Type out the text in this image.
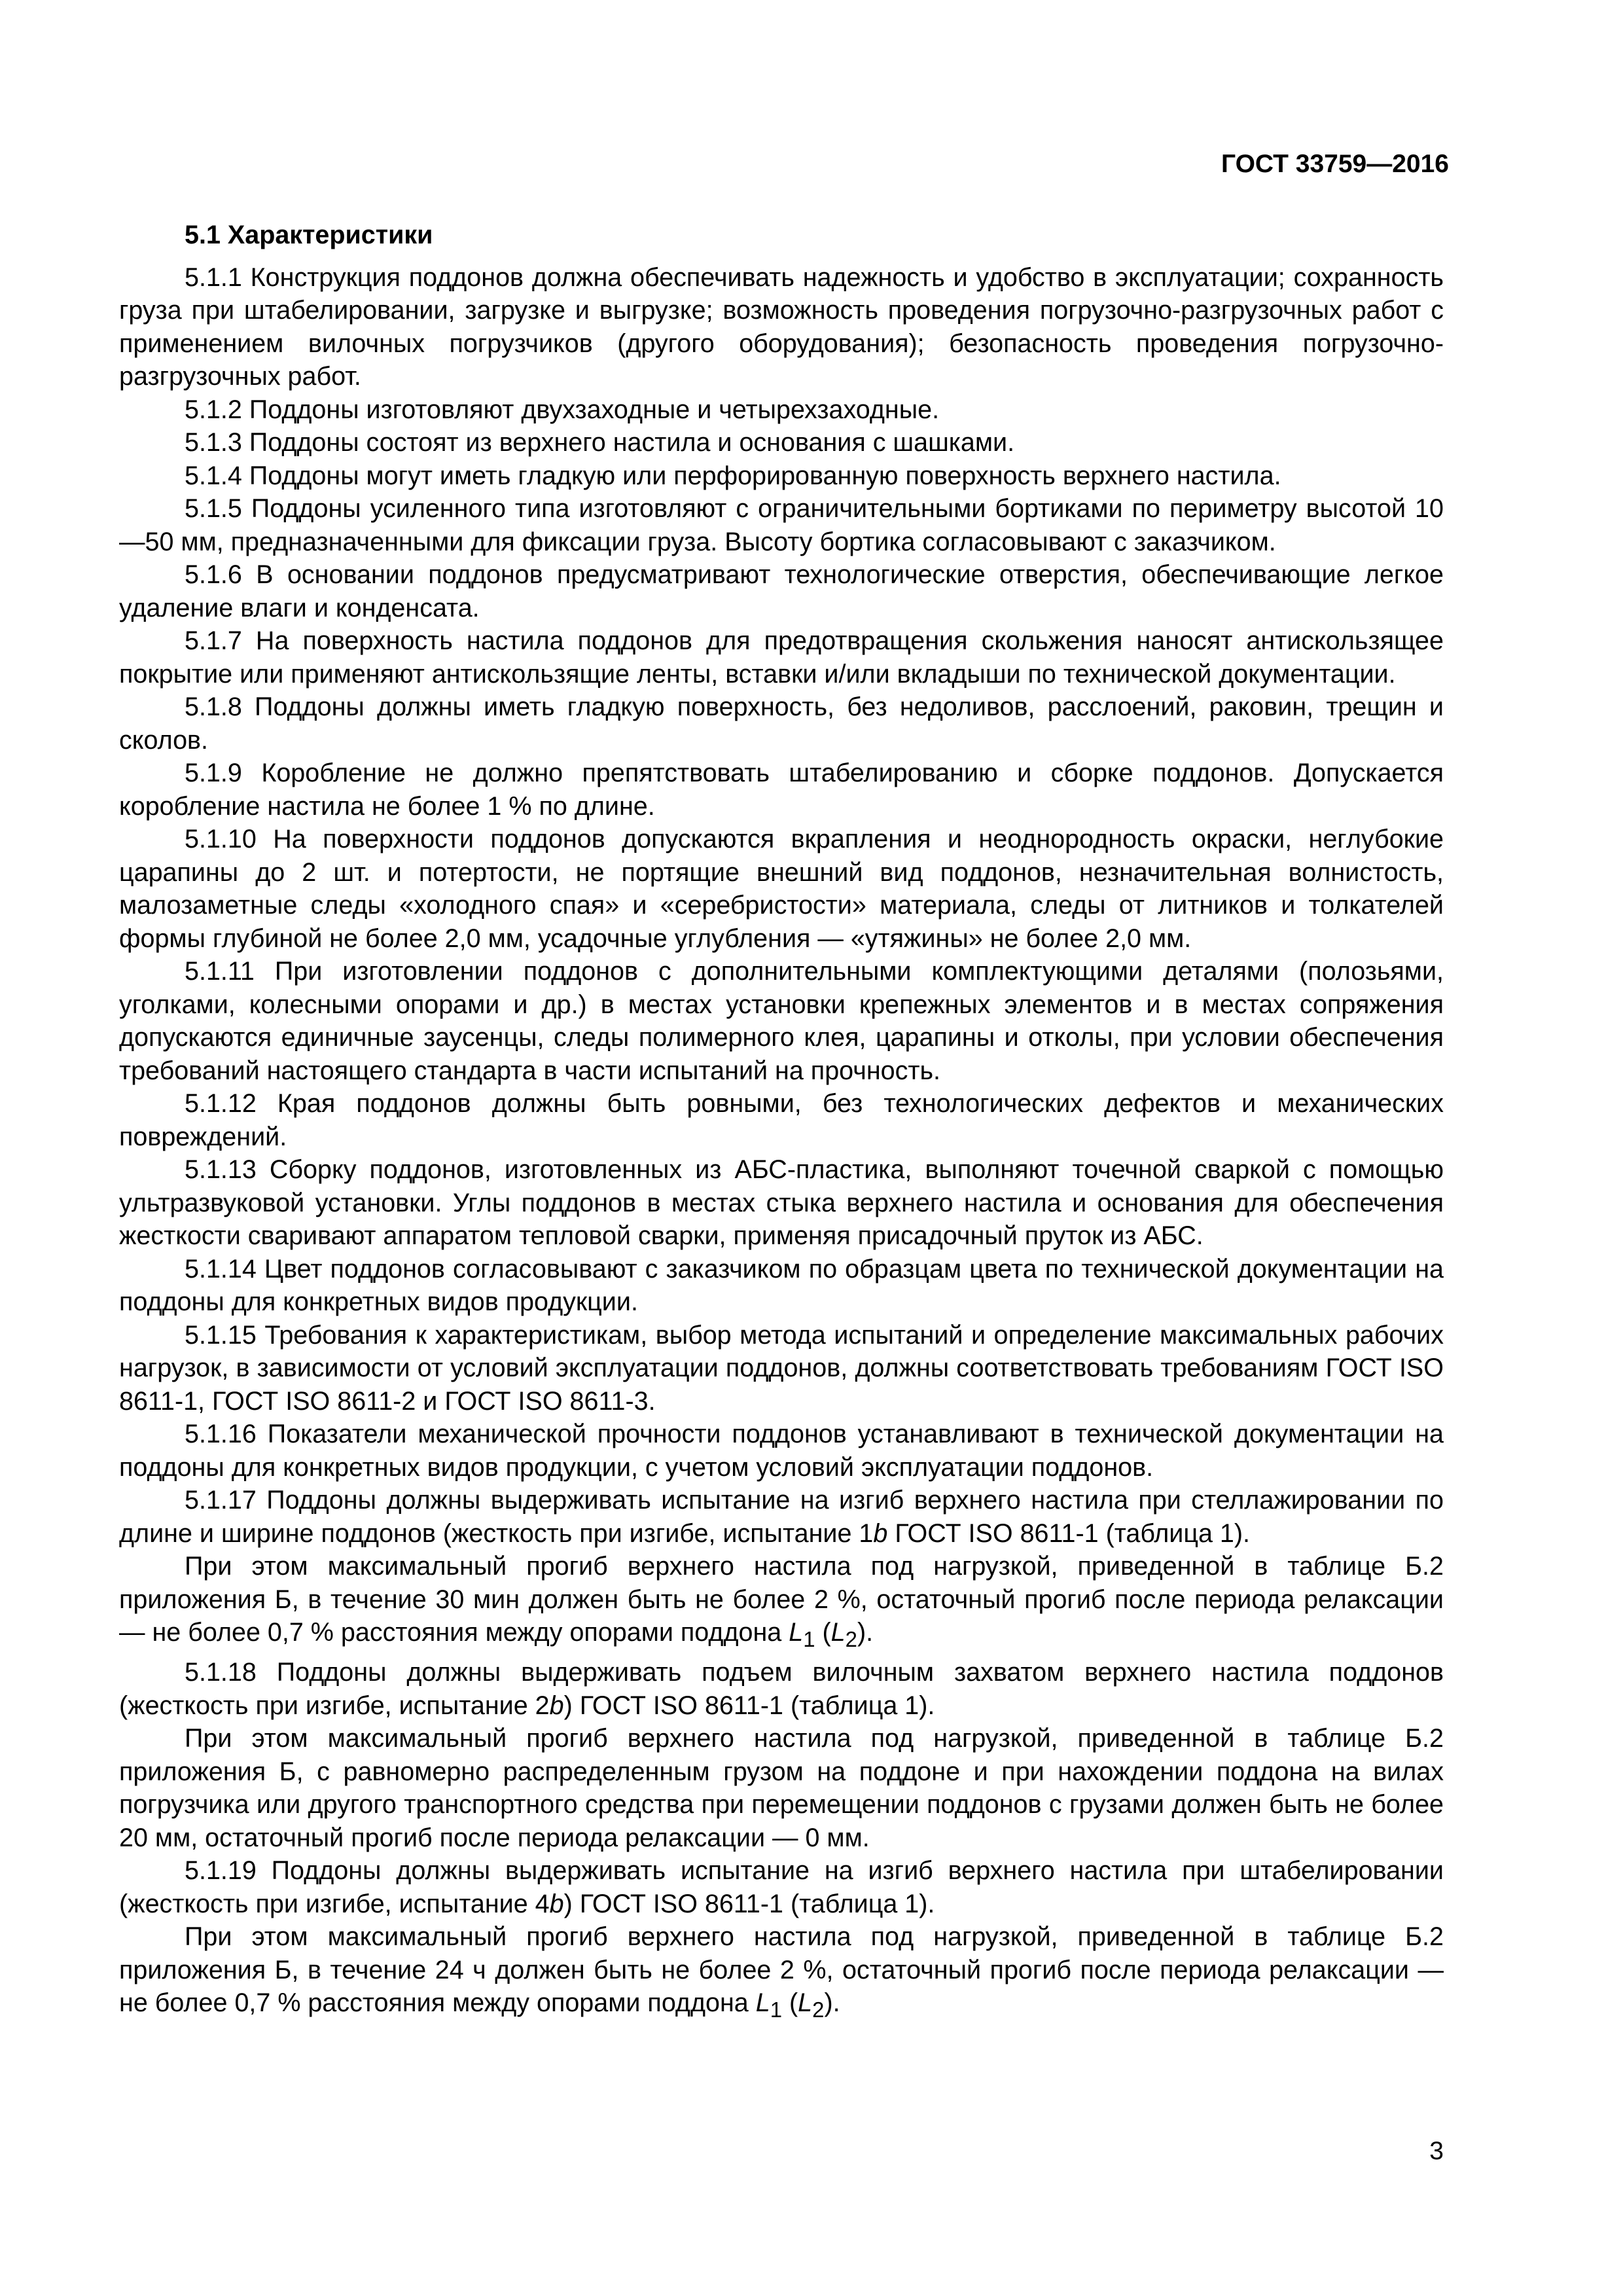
ГОСТ 33759—2016
5.1 Характеристики

5.1.1 Конструкция поддонов должна обеспечивать надежность и удобство в эксплуатации; сохранность груза при штабелировании, загрузке и выгрузке; возможность проведения погрузочно-разгрузочных работ с применением вилочных погрузчиков (другого оборудования); безопасность проведения погрузочно-разгрузочных работ.

5.1.2 Поддоны изготовляют двухзаходные и четырехзаходные.

5.1.3 Поддоны состоят из верхнего настила и основания с шашками.

5.1.4 Поддоны могут иметь гладкую или перфорированную поверхность верхнего настила.

5.1.5 Поддоны усиленного типа изготовляют с ограничительными бортиками по периметру высотой 10—50 мм, предназначенными для фиксации груза. Высоту бортика согласовывают с заказчиком.

5.1.6 В основании поддонов предусматривают технологические отверстия, обеспечивающие легкое удаление влаги и конденсата.

5.1.7 На поверхность настила поддонов для предотвращения скольжения наносят антискользящее покрытие или применяют антискользящие ленты, вставки и/или вкладыши по технической документации.

5.1.8 Поддоны должны иметь гладкую поверхность, без недоливов, расслоений, раковин, трещин и сколов.

5.1.9 Коробление не должно препятствовать штабелированию и сборке поддонов. Допускается коробление настила не более 1 % по длине.

5.1.10 На поверхности поддонов допускаются вкрапления и неоднородность окраски, неглубокие царапины до 2 шт. и потертости, не портящие внешний вид поддонов, незначительная волнистость, малозаметные следы «холодного спая» и «серебристости» материала, следы от литников и толкателей формы глубиной не более 2,0 мм, усадочные углубления — «утяжины» не более 2,0 мм.

5.1.11 При изготовлении поддонов с дополнительными комплектующими деталями (полозьями, уголками, колесными опорами и др.) в местах установки крепежных элементов и в местах сопряжения допускаются единичные заусенцы, следы полимерного клея, царапины и отколы, при условии обеспечения требований настоящего стандарта в части испытаний на прочность.

5.1.12 Края поддонов должны быть ровными, без технологических дефектов и механических повреждений.

5.1.13 Сборку поддонов, изготовленных из АБС-пластика, выполняют точечной сваркой с помощью ультразвуковой установки. Углы поддонов в местах стыка верхнего настила и основания для обеспечения жесткости сваривают аппаратом тепловой сварки, применяя присадочный пруток из АБС.

5.1.14 Цвет поддонов согласовывают с заказчиком по образцам цвета по технической документации на поддоны для конкретных видов продукции.

5.1.15 Требования к характеристикам, выбор метода испытаний и определение максимальных рабочих нагрузок, в зависимости от условий эксплуатации поддонов, должны соответствовать требованиям ГОСТ ISO 8611-1, ГОСТ ISO 8611-2 и ГОСТ ISO 8611-3.

5.1.16 Показатели механической прочности поддонов устанавливают в технической документации на поддоны для конкретных видов продукции, с учетом условий эксплуатации поддонов.

5.1.17 Поддоны должны выдерживать испытание на изгиб верхнего настила при стеллажировании по длине и ширине поддонов (жесткость при изгибе, испытание 1b ГОСТ ISO 8611-1 (таблица 1).

При этом максимальный прогиб верхнего настила под нагрузкой, приведенной в таблице Б.2 приложения Б, в течение 30 мин должен быть не более 2 %, остаточный прогиб после периода релаксации — не более 0,7 % расстояния между опорами поддона $L_1$ $(L_2)$.

5.1.18 Поддоны должны выдерживать подъем вилочным захватом верхнего настила поддонов (жесткость при изгибе, испытание 2b) ГОСТ ISO 8611-1 (таблица 1).

При этом максимальный прогиб верхнего настила под нагрузкой, приведенной в таблице Б.2 приложения Б, с равномерно распределенным грузом на поддоне и при нахождении поддона на вилах погрузчика или другого транспортного средства при перемещении поддонов с грузами должен быть не более 20 мм, остаточный прогиб после периода релаксации — 0 мм.

5.1.19 Поддоны должны выдерживать испытание на изгиб верхнего настила при штабелировании (жесткость при изгибе, испытание 4b) ГОСТ ISO 8611-1 (таблица 1).

При этом максимальный прогиб верхнего настила под нагрузкой, приведенной в таблице Б.2 приложения Б, в течение 24 ч должен быть не более 2 %, остаточный прогиб после периода релаксации — не более 0,7 % расстояния между опорами поддона $L_1$ $(L_2)$.

3
